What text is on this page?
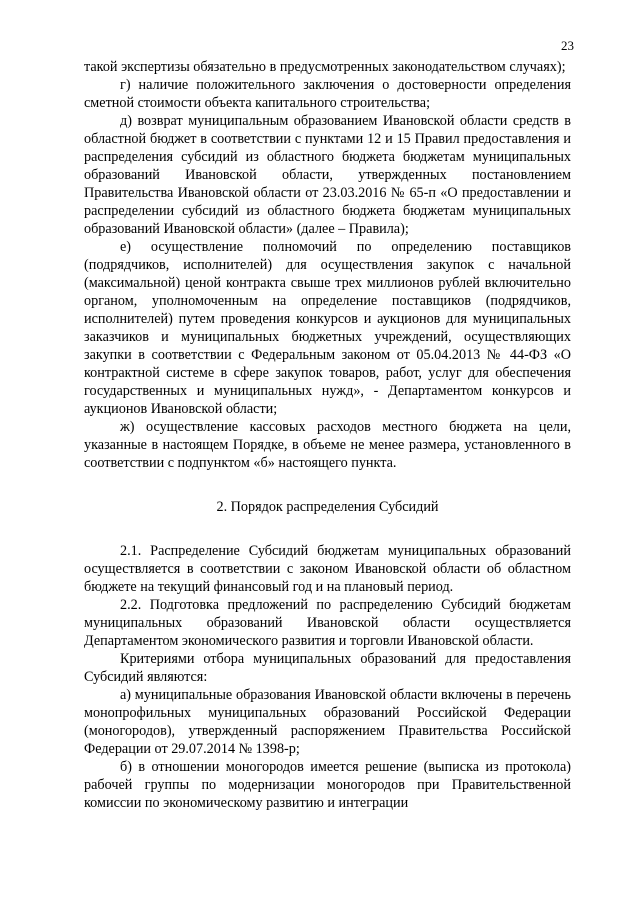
23

такой экспертизы обязательно в предусмотренных законодательством случаях);

г) наличие положительного заключения о достоверности определения сметной стоимости объекта капитального строительства;

д) возврат муниципальным образованием Ивановской области средств в областной бюджет в соответствии с пунктами 12 и 15 Правил предоставления и распределения субсидий из областного бюджета бюджетам муниципальных образований Ивановской области, утвержденных постановлением Правительства Ивановской области от 23.03.2016 № 65-п «О предоставлении и распределении субсидий из областного бюджета бюджетам муниципальных образований Ивановской области» (далее – Правила);

е) осуществление полномочий по определению поставщиков (подрядчиков, исполнителей) для осуществления закупок с начальной (максимальной) ценой контракта свыше трех миллионов рублей включительно органом, уполномоченным на определение поставщиков (подрядчиков, исполнителей) путем проведения конкурсов и аукционов для муниципальных заказчиков и муниципальных бюджетных учреждений, осуществляющих закупки в соответствии с Федеральным законом от 05.04.2013 № 44-ФЗ «О контрактной системе в сфере закупок товаров, работ, услуг для обеспечения государственных и муниципальных нужд», - Департаментом конкурсов и аукционов Ивановской области;

ж) осуществление кассовых расходов местного бюджета на цели, указанные в настоящем Порядке, в объеме не менее размера, установленного в соответствии с подпунктом «б» настоящего пункта.

2. Порядок распределения Субсидий

2.1. Распределение Субсидий бюджетам муниципальных образований осуществляется в соответствии с законом Ивановской области об областном бюджете на текущий финансовый год и на плановый период.

2.2. Подготовка предложений по распределению Субсидий бюджетам муниципальных образований Ивановской области осуществляется Департаментом экономического развития и торговли Ивановской области.

Критериями отбора муниципальных образований для предоставления Субсидий являются:

а) муниципальные образования Ивановской области включены в перечень монопрофильных муниципальных образований Российской Федерации (моногородов), утвержденный распоряжением Правительства Российской Федерации от 29.07.2014 № 1398-р;

б) в отношении моногородов имеется решение (выписка из протокола) рабочей группы по модернизации моногородов при Правительственной комиссии по экономическому развитию и интеграции
